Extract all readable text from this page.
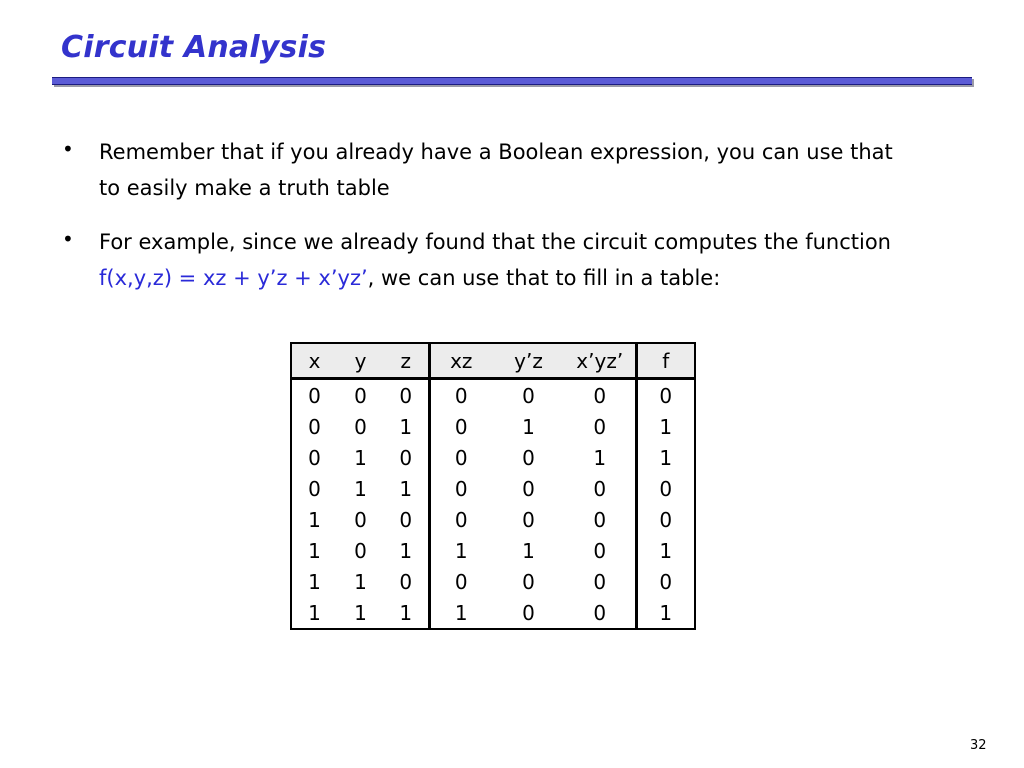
Circuit Analysis
• Remember that if you already have a Boolean expression, you can use that
to easily make a truth table
• For example, since we already found that the circuit computes the function
f(x,y,z) = xz + y’z + x’yz’, we can use that to fill in a table:
x	y	z	xz	y’z	x’yz’	f
0	0	0	0	0	0	0
0	0	1	0	1	0	1
0	1	0	0	0	1	1
0	1	1	0	0	0	0
1	0	0	0	0	0	0
1	0	1	1	1	0	1
1	1	0	0	0	0	0
1	1	1	1	0	0	1
32
